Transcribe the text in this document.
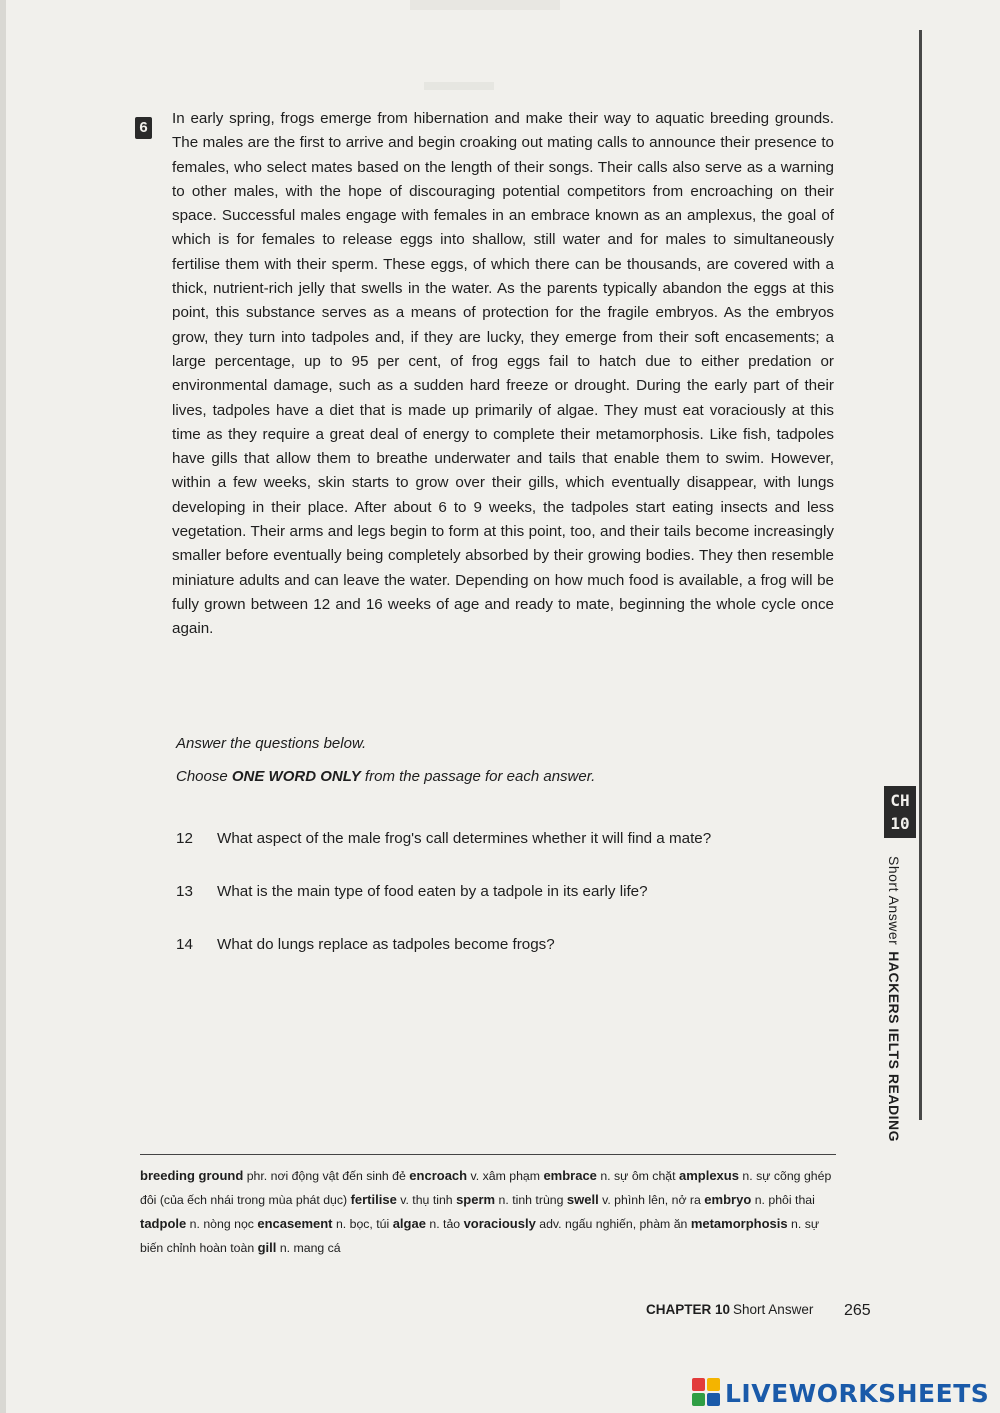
6

In early spring, frogs emerge from hibernation and make their way to aquatic breeding grounds. The males are the first to arrive and begin croaking out mating calls to announce their presence to females, who select mates based on the length of their songs. Their calls also serve as a warning to other males, with the hope of discouraging potential competitors from encroaching on their space. Successful males engage with females in an embrace known as an amplexus, the goal of which is for females to release eggs into shallow, still water and for males to simultaneously fertilise them with their sperm. These eggs, of which there can be thousands, are covered with a thick, nutrient-rich jelly that swells in the water. As the parents typically abandon the eggs at this point, this substance serves as a means of protection for the fragile embryos. As the embryos grow, they turn into tadpoles and, if they are lucky, they emerge from their soft encasements; a large percentage, up to 95 per cent, of frog eggs fail to hatch due to either predation or environmental damage, such as a sudden hard freeze or drought. During the early part of their lives, tadpoles have a diet that is made up primarily of algae. They must eat voraciously at this time as they require a great deal of energy to complete their metamorphosis. Like fish, tadpoles have gills that allow them to breathe underwater and tails that enable them to swim. However, within a few weeks, skin starts to grow over their gills, which eventually disappear, with lungs developing in their place. After about 6 to 9 weeks, the tadpoles start eating insects and less vegetation. Their arms and legs begin to form at this point, too, and their tails become increasingly smaller before eventually being completely absorbed by their growing bodies. They then resemble miniature adults and can leave the water. Depending on how much food is available, a frog will be fully grown between 12 and 16 weeks of age and ready to mate, beginning the whole cycle once again.

Answer the questions below.

Choose ONE WORD ONLY from the passage for each answer.

12	What aspect of the male frog's call determines whether it will find a mate?
13	What is the main type of food eaten by a tadpole in its early life?
14	What do lungs replace as tadpoles become frogs?
CH
10
Short AnswerHACKERS IELTS READING

breeding ground phr. nơi động vật đến sinh đẻ encroach v. xâm phạm embrace n. sự ôm chặt amplexus n. sự cõng ghép đôi (của ếch nhái trong mùa phát dục) fertilise v. thụ tinh sperm n. tinh trùng swell v. phình lên, nở ra embryo n. phôi thai tadpole n. nòng nọc encasement n. bọc, túi algae n. tảo voraciously adv. ngấu nghiến, phàm ăn metamorphosis n. sự biến chỉnh hoàn toàn gill n. mang cá

CHAPTER 10 Short Answer 265
LIVEWORKSHEETS
